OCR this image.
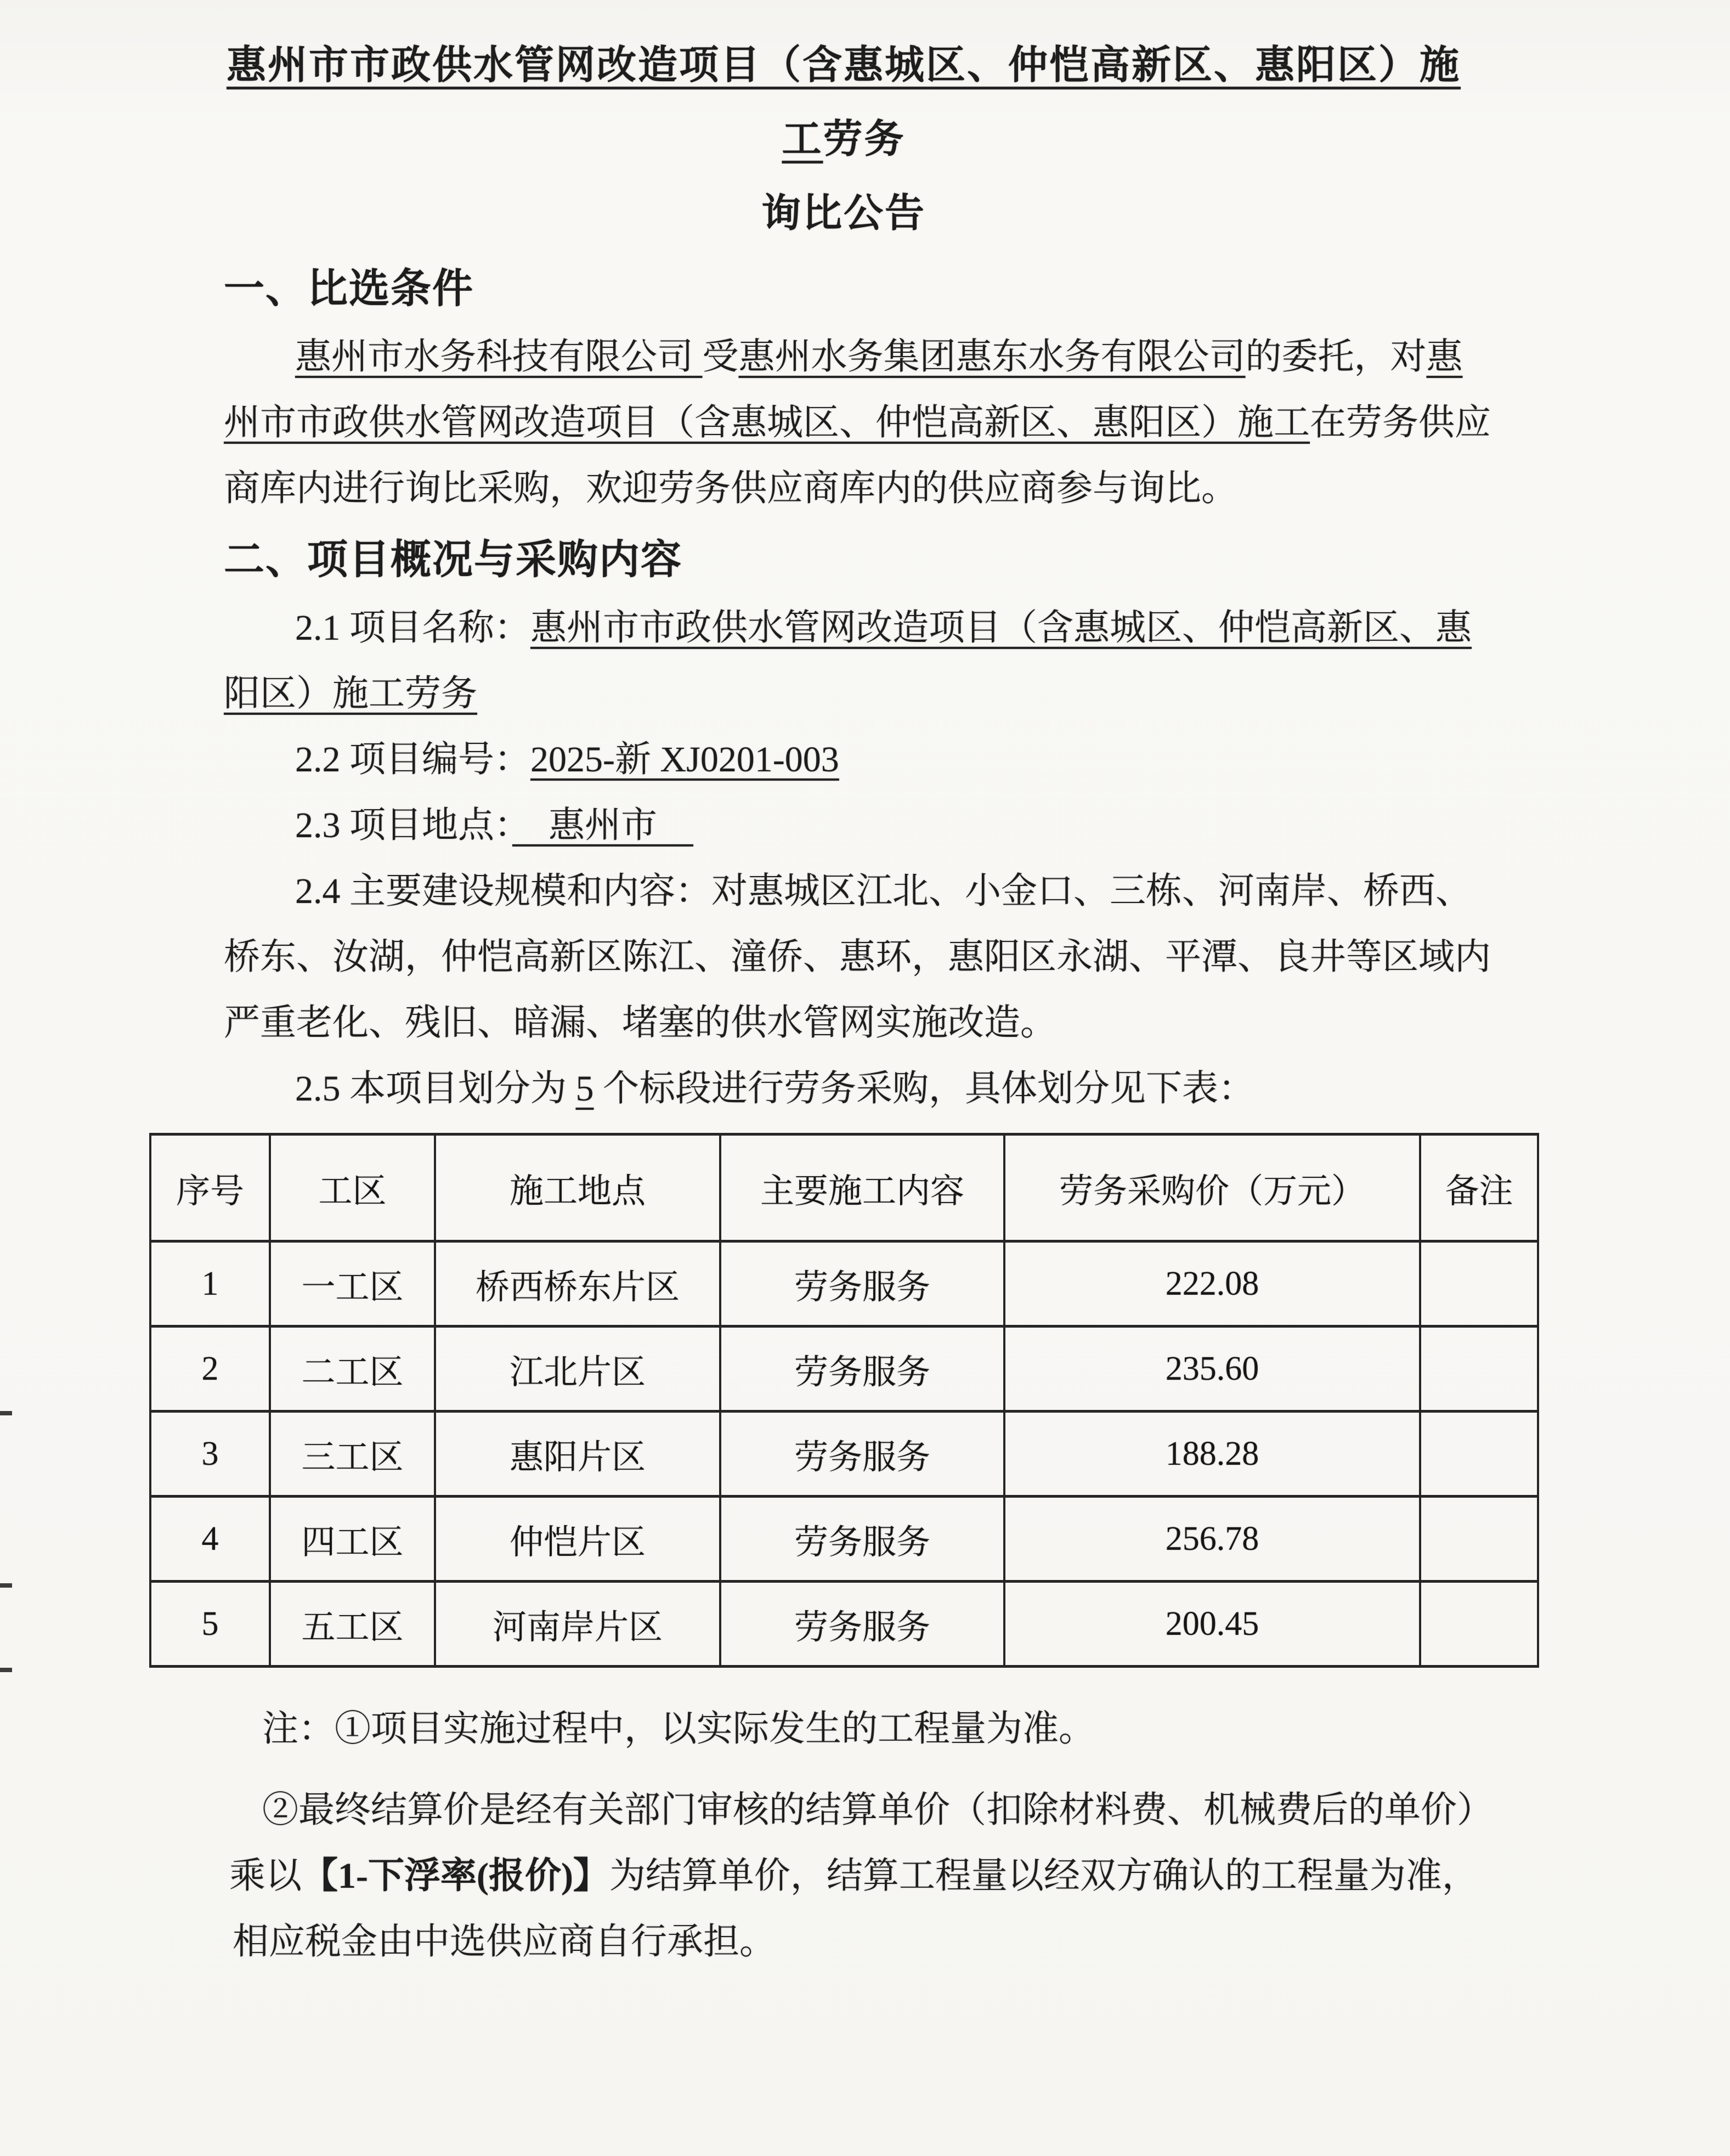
惠州市市政供水管网改造项目（含惠城区、仲恺高新区、惠阳区）施
工劳务
询比公告
一、比选条件
惠州市水务科技有限公司 受惠州水务集团惠东水务有限公司的委托，对惠
州市市政供水管网改造项目（含惠城区、仲恺高新区、惠阳区）施工在劳务供应
商库内进行询比采购，欢迎劳务供应商库内的供应商参与询比。
二、项目概况与采购内容
2.1 项目名称：惠州市市政供水管网改造项目（含惠城区、仲恺高新区、惠
阳区）施工劳务
2.2 项目编号：2025-新 XJ0201-003
2.3 项目地点：　惠州市　
2.4 主要建设规模和内容：对惠城区江北、小金口、三栋、河南岸、桥西、
桥东、汝湖，仲恺高新区陈江、潼侨、惠环，惠阳区永湖、平潭、良井等区域内
严重老化、残旧、暗漏、堵塞的供水管网实施改造。
2.5 本项目划分为 5 个标段进行劳务采购，具体划分见下表：
序号	工区	施工地点	主要施工内容	劳务采购价（万元）	备注
1	一工区	桥西桥东片区	劳务服务	222.08	
2	二工区	江北片区	劳务服务	235.60	
3	三工区	惠阳片区	劳务服务	188.28	
4	四工区	仲恺片区	劳务服务	256.78	
5	五工区	河南岸片区	劳务服务	200.45	
注：①项目实施过程中，以实际发生的工程量为准。
②最终结算价是经有关部门审核的结算单价（扣除材料费、机械费后的单价）
乘以【1-下浮率(报价)】为结算单价，结算工程量以经双方确认的工程量为准，
相应税金由中选供应商自行承担。
